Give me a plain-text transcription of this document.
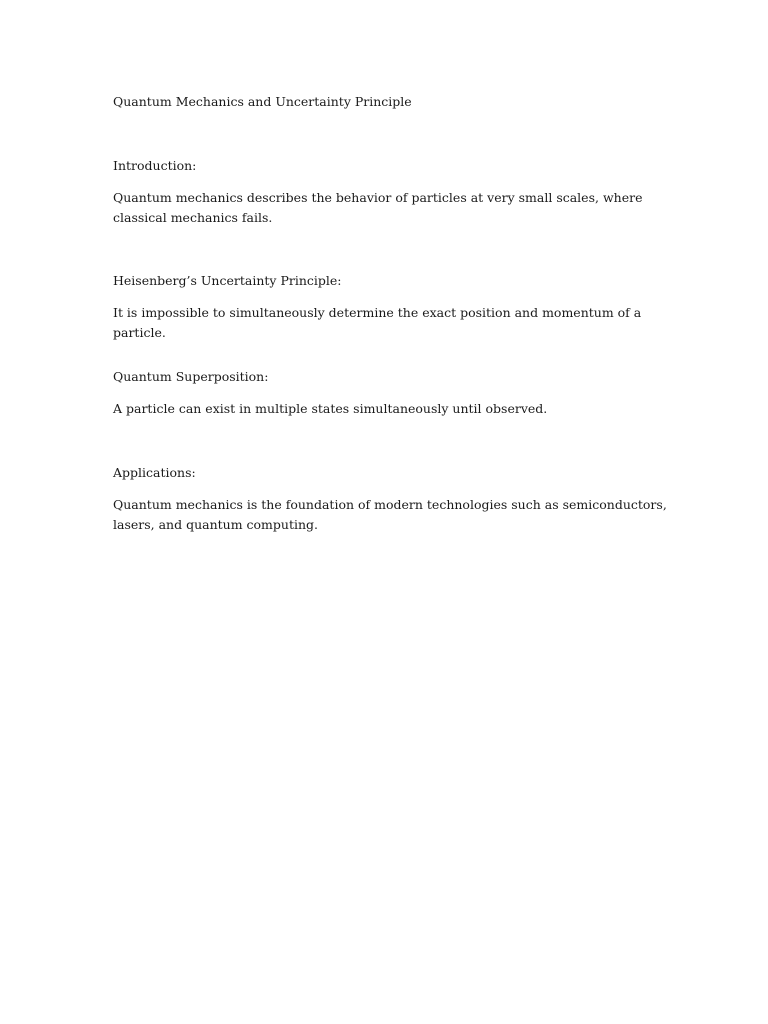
Quantum Mechanics and Uncertainty Principle
Introduction:
Quantum mechanics describes the behavior of particles at very small scales, where classical mechanics fails.
Heisenberg’s Uncertainty Principle:
It is impossible to simultaneously determine the exact position and momentum of a particle.
Quantum Superposition:
A particle can exist in multiple states simultaneously until observed.
Applications:
Quantum mechanics is the foundation of modern technologies such as semiconductors, lasers, and quantum computing.
